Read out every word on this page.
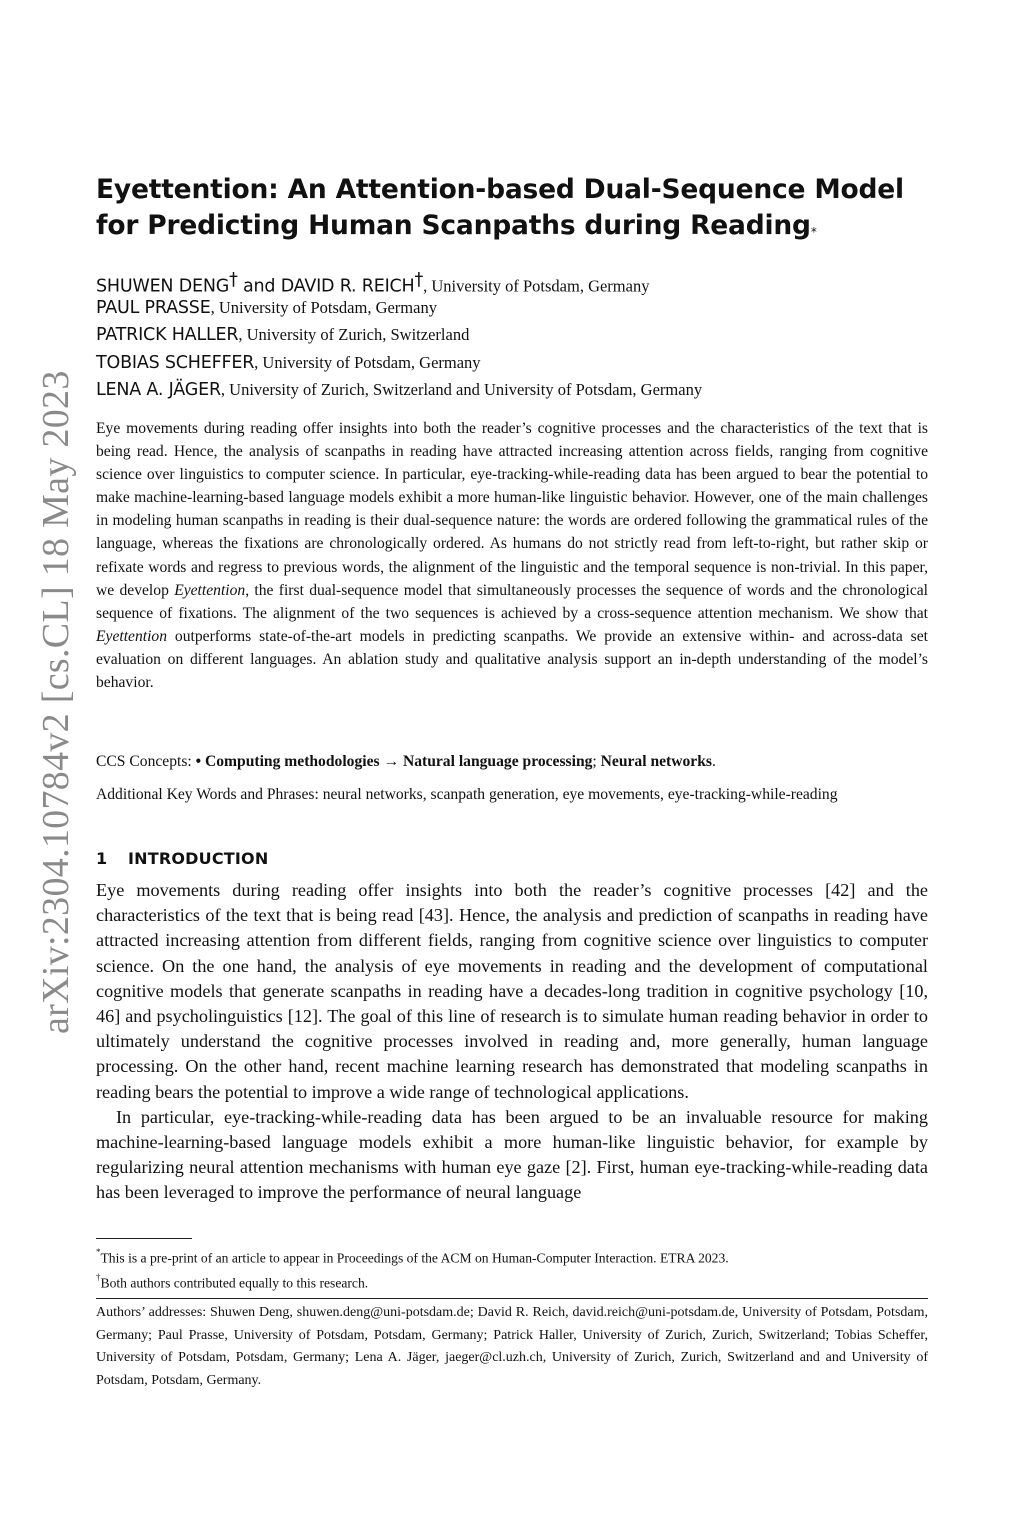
arXiv:2304.10784v2 [cs.CL] 18 May 2023
Eyettention: An Attention-based Dual-Sequence Model for Predicting Human Scanpaths during Reading*
SHUWEN DENG† and DAVID R. REICH†, University of Potsdam, Germany
PAUL PRASSE, University of Potsdam, Germany
PATRICK HALLER, University of Zurich, Switzerland
TOBIAS SCHEFFER, University of Potsdam, Germany
LENA A. JÄGER, University of Zurich, Switzerland and University of Potsdam, Germany

Eye movements during reading offer insights into both the reader’s cognitive processes and the characteristics of the text that is being read. Hence, the analysis of scanpaths in reading have attracted increasing attention across fields, ranging from cognitive science over linguistics to computer science. In particular, eye-tracking-while-reading data has been argued to bear the potential to make machine-learning-based language models exhibit a more human-like linguistic behavior. However, one of the main challenges in modeling human scanpaths in reading is their dual-sequence nature: the words are ordered following the grammatical rules of the language, whereas the fixations are chronologically ordered. As humans do not strictly read from left-to-right, but rather skip or refixate words and regress to previous words, the alignment of the linguistic and the temporal sequence is non-trivial. In this paper, we develop Eyettention, the first dual-sequence model that simultaneously processes the sequence of words and the chronological sequence of fixations. The alignment of the two sequences is achieved by a cross-sequence attention mechanism. We show that Eyettention outperforms state-of-the-art models in predicting scanpaths. We provide an extensive within- and across-data set evaluation on different languages. An ablation study and qualitative analysis support an in-depth understanding of the model’s behavior.

CCS Concepts: • Computing methodologies → Natural language processing; Neural networks.

Additional Key Words and Phrases: neural networks, scanpath generation, eye movements, eye-tracking-while-reading

1 INTRODUCTION

Eye movements during reading offer insights into both the reader’s cognitive processes [42] and the characteristics of the text that is being read [43]. Hence, the analysis and prediction of scanpaths in reading have attracted increasing attention from different fields, ranging from cognitive science over linguistics to computer science. On the one hand, the analysis of eye movements in reading and the development of computational cognitive models that generate scanpaths in reading have a decades-long tradition in cognitive psychology [10, 46] and psycholinguistics [12]. The goal of this line of research is to simulate human reading behavior in order to ultimately understand the cognitive processes involved in reading and, more generally, human language processing. On the other hand, recent machine learning research has demonstrated that modeling scanpaths in reading bears the potential to improve a wide range of technological applications.

In particular, eye-tracking-while-reading data has been argued to be an invaluable resource for making machine-learning-based language models exhibit a more human-like linguistic behavior, for example by regularizing neural attention mechanisms with human eye gaze [2]. First, human eye-tracking-while-reading data has been leveraged to improve the performance of neural language

*This is a pre-print of an article to appear in Proceedings of the ACM on Human-Computer Interaction. ETRA 2023.
†Both authors contributed equally to this research.

Authors’ addresses: Shuwen Deng, shuwen.deng@uni-potsdam.de; David R. Reich, david.reich@uni-potsdam.de, University of Potsdam, Potsdam, Germany; Paul Prasse, University of Potsdam, Potsdam, Germany; Patrick Haller, University of Zurich, Zurich, Switzerland; Tobias Scheffer, University of Potsdam, Potsdam, Germany; Lena A. Jäger, jaeger@cl.uzh.ch, University of Zurich, Zurich, Switzerland and and University of Potsdam, Potsdam, Germany.
